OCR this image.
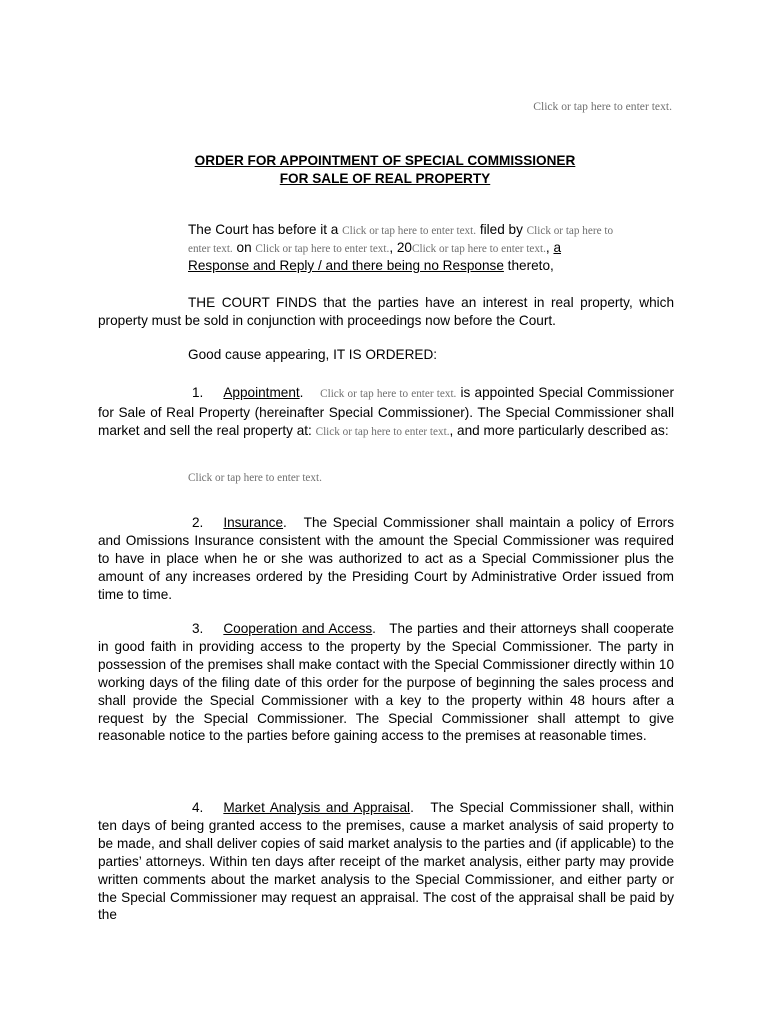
Click or tap here to enter text.
ORDER FOR APPOINTMENT OF SPECIAL COMMISSIONER
FOR SALE OF REAL PROPERTY
The Court has before it a Click or tap here to enter text. filed by Click or tap here to
enter text. on Click or tap here to enter text., 20Click or tap here to enter text., a
Response and Reply / and there being no Response thereto,
THE COURT FINDS that the parties have an interest in real property, which property must be sold in conjunction with proceedings now before the Court.
Good cause appearing, IT IS ORDERED:
1. Appointment.    Click or tap here to enter text. is appointed Special Commissioner for Sale of Real Property (hereinafter Special Commissioner). The Special Commissioner shall market and sell the real property at: Click or tap here to enter text., and more particularly described as:
Click or tap here to enter text.
2. Insurance.   The Special Commissioner shall maintain a policy of Errors and Omissions Insurance consistent with the amount the Special Commissioner was required to have in place when he or she was authorized to act as a Special Commissioner plus the amount of any increases ordered by the Presiding Court by Administrative Order issued from time to time.
3. Cooperation and Access.   The parties and their attorneys shall cooperate in good faith in providing access to the property by the Special Commissioner. The party in possession of the premises shall make contact with the Special Commissioner directly within 10 working days of the filing date of this order for the purpose of beginning the sales process and shall provide the Special Commissioner with a key to the property within 48 hours after a request by the Special Commissioner. The Special Commissioner shall attempt to give reasonable notice to the parties before gaining access to the premises at reasonable times.
4. Market Analysis and Appraisal.   The Special Commissioner shall, within ten days of being granted access to the premises, cause a market analysis of said property to be made, and shall deliver copies of said market analysis to the parties and (if applicable) to the parties’ attorneys. Within ten days after receipt of the market analysis, either party may provide written comments about the market analysis to the Special Commissioner, and either party or the Special Commissioner may request an appraisal. The cost of the appraisal shall be paid by the
